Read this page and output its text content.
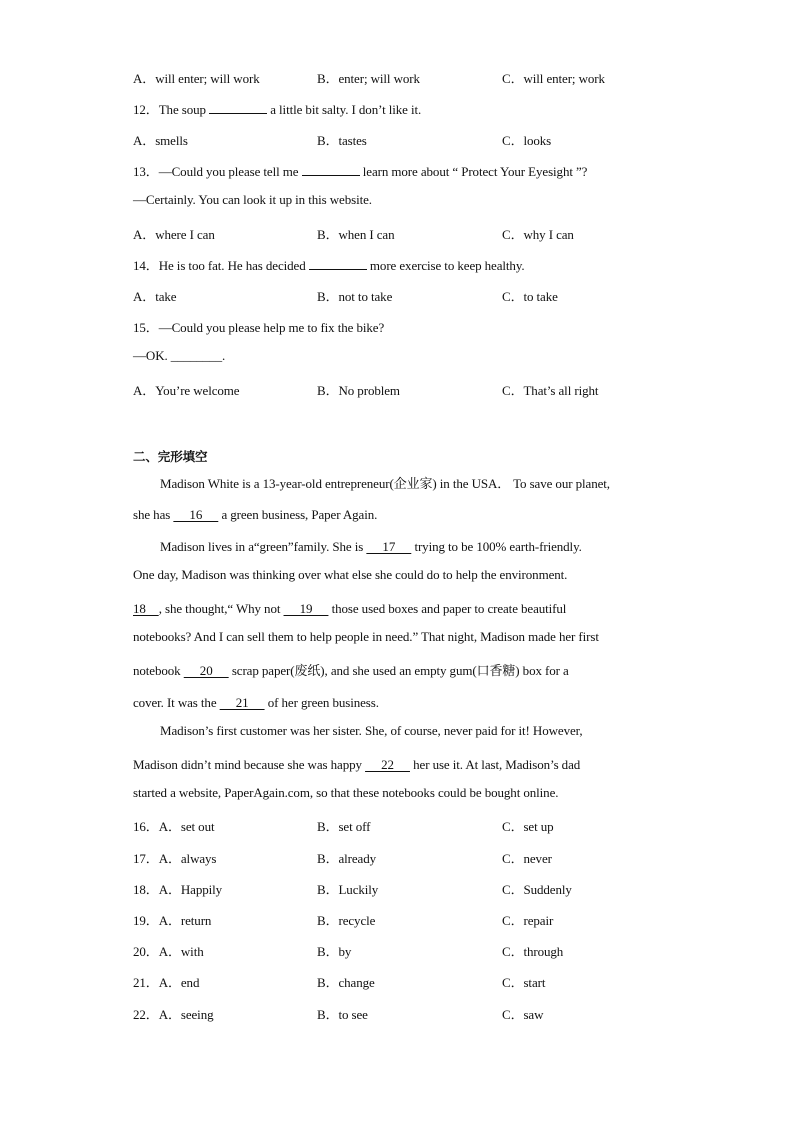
A．will enter; will work	B．enter; will work	C．will enter; work
12．The soup	a little bit salty. I don’t like it.
A．smells	B．tastes	C．looks
13．—Could you please tell me	learn more about “ Protect Your Eyesight ”?
—Certainly. You can look it up in this website.
A．where I can	B．when I can	C．why I can
14．He is too fat. He has decided	more exercise to keep healthy.
A．take	B．not to take	C．to take
15．—Could you please help me to fix the bike?
—OK. ________.
A．You’re welcome	B．No problem	C．That’s all right
二、完形填空
Madison White is a 13-year-old entrepreneur(企业家) in the USA． To save our planet,
she has 　 16 　 a green business, Paper Again.
Madison lives in a“green”family. She is 　 17 　 trying to be 100% earth-friendly.
One day, Madison was thinking over what else she could do to help the environment.
18　, she thought,“ Why not 　 19 　 those used boxes and paper to create beautiful
notebooks? And I can sell them to help people in need.” That night, Madison made her first
notebook 　 20 　 scrap paper(废纸), and she used an empty gum(口香糖) box for a
cover. It was the 　 21 　 of her green business.
Madison’s first customer was her sister. She, of course, never paid for it! However,
Madison didn’t mind because she was happy 　 22 　 her use it. At last, Madison’s dad
started a website, PaperAgain.com, so that these notebooks could be bought online.
16．A．set out	B．set off	C．set up
17．A．always	B．already	C．never
18．A．Happily	B．Luckily	C．Suddenly
19．A．return	B．recycle	C．repair
20．A．with	B．by	C．through
21．A．end	B．change	C．start
22．A．seeing	B．to see	C．saw
